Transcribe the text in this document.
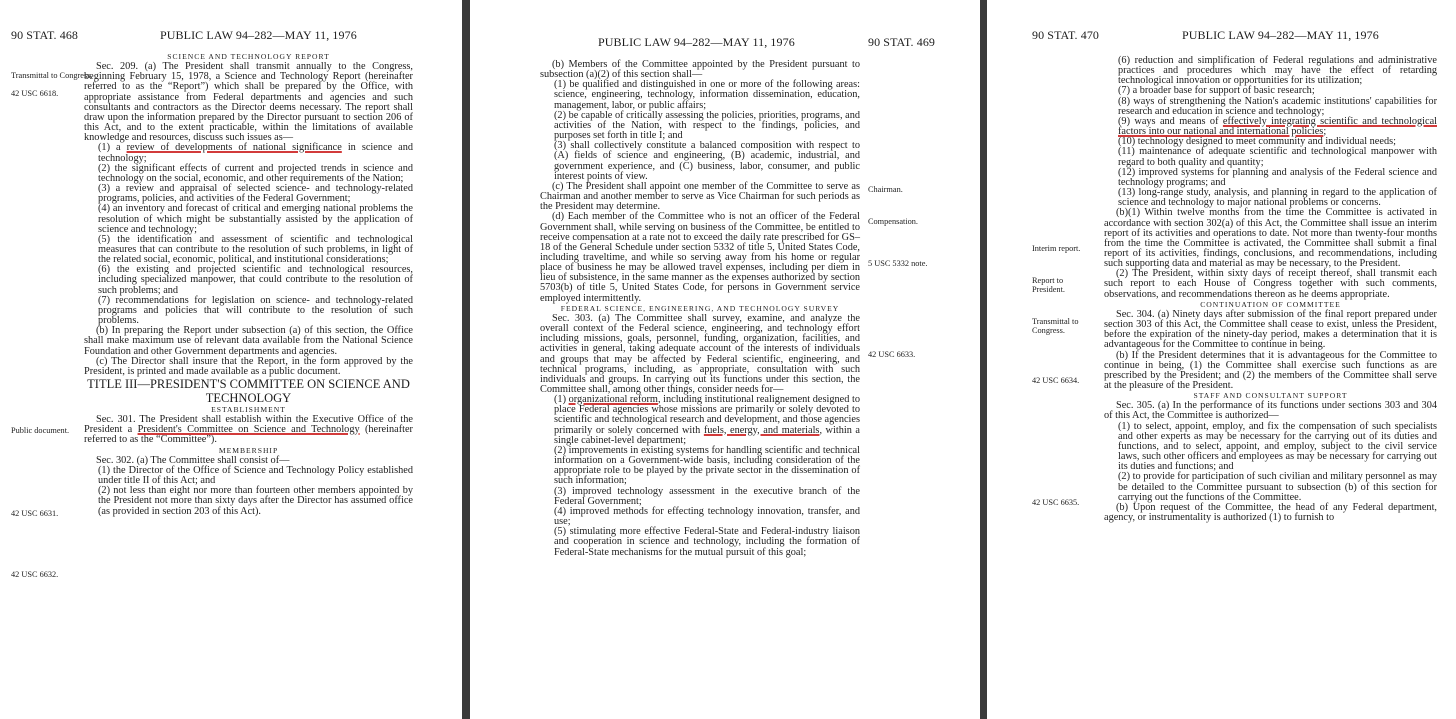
90 STAT. 468	PUBLIC LAW 94–282—MAY 11, 1976
Transmittal to Congress.
42 USC 6618.
Public document.
42 USC 6631.
42 USC 6632.

SCIENCE AND TECHNOLOGY REPORT

Sec. 209. (a) The President shall transmit annually to the Congress, beginning February 15, 1978, a Science and Technology Report (hereinafter referred to as the “Report”) which shall be prepared by the Office, with appropriate assistance from Federal departments and agencies and such consultants and contractors as the Director deems necessary. The report shall draw upon the information prepared by the Director pursuant to section 206 of this Act, and to the extent practicable, within the limitations of available knowledge and resources, discuss such issues as—

(1) a review of developments of national significance in science and technology;

(2) the significant effects of current and projected trends in science and technology on the social, economic, and other requirements of the Nation;

(3) a review and appraisal of selected science- and technology-related programs, policies, and activities of the Federal Government;

(4) an inventory and forecast of critical and emerging national problems the resolution of which might be substantially assisted by the application of science and technology;

(5) the identification and assessment of scientific and technological measures that can contribute to the resolution of such problems, in light of the related social, economic, political, and institutional considerations;

(6) the existing and projected scientific and technological resources, including specialized manpower, that could contribute to the resolution of such problems; and

(7) recommendations for legislation on science- and technology-related programs and policies that will contribute to the resolution of such problems.

(b) In preparing the Report under subsection (a) of this section, the Office shall make maximum use of relevant data available from the National Science Foundation and other Government departments and agencies.

(c) The Director shall insure that the Report, in the form approved by the President, is printed and made available as a public document.

TITLE III—PRESIDENT'S COMMITTEE ON SCIENCE AND TECHNOLOGY

ESTABLISHMENT

Sec. 301. The President shall establish within the Executive Office of the President a President's Committee on Science and Technology (hereinafter referred to as the “Committee”).

MEMBERSHIP

Sec. 302. (a) The Committee shall consist of—

(1) the Director of the Office of Science and Technology Policy established under title II of this Act; and

(2) not less than eight nor more than fourteen other members appointed by the President not more than sixty days after the Director has assumed office (as provided in section 203 of this Act).

PUBLIC LAW 94–282—MAY 11, 1976	90 STAT. 469
Chairman.
Compensation.
5 USC 5332 note.
42 USC 6633.

(b) Members of the Committee appointed by the President pursuant to subsection (a)(2) of this section shall—

(1) be qualified and distinguished in one or more of the following areas: science, engineering, technology, information dissemination, education, management, labor, or public affairs;

(2) be capable of critically assessing the policies, priorities, programs, and activities of the Nation, with respect to the findings, policies, and purposes set forth in title I; and

(3) shall collectively constitute a balanced composition with respect to (A) fields of science and engineering, (B) academic, industrial, and government experience, and (C) business, labor, consumer, and public interest points of view.

(c) The President shall appoint one member of the Committee to serve as Chairman and another member to serve as Vice Chairman for such periods as the President may determine.

(d) Each member of the Committee who is not an officer of the Federal Government shall, while serving on business of the Committee, be entitled to receive compensation at a rate not to exceed the daily rate prescribed for GS–18 of the General Schedule under section 5332 of title 5, United States Code, including traveltime, and while so serving away from his home or regular place of business he may be allowed travel expenses, including per diem in lieu of subsistence, in the same manner as the expenses authorized by section 5703(b) of title 5, United States Code, for persons in Government service employed intermittently.

FEDERAL SCIENCE, ENGINEERING, AND TECHNOLOGY SURVEY

Sec. 303. (a) The Committee shall survey, examine, and analyze the overall context of the Federal science, engineering, and technology effort including missions, goals, personnel, funding, organization, facilities, and activities in general, taking adequate account of the interests of individuals and groups that may be affected by Federal scientific, engineering, and technical programs, including, as appropriate, consultation with such individuals and groups. In carrying out its functions under this section, the Committee shall, among other things, consider needs for—

(1) organizational reform, including institutional realignement designed to place Federal agencies whose missions are primarily or solely devoted to scientific and technological research and development, and those agencies primarily or solely concerned with fuels, energy, and materials, within a single cabinet-level department;

(2) improvements in existing systems for handling scientific and technical information on a Government-wide basis, including consideration of the appropriate role to be played by the private sector in the dissemination of such information;

(3) improved technology assessment in the executive branch of the Federal Government;

(4) improved methods for effecting technology innovation, transfer, and use;

(5) stimulating more effective Federal-State and Federal-industry liaison and cooperation in science and technology, including the formation of Federal-State mechanisms for the mutual pursuit of this goal;

90 STAT. 470	PUBLIC LAW 94–282—MAY 11, 1976
Interim report.
Report to President.
Transmittal to Congress.
42 USC 6634.
42 USC 6635.

(6) reduction and simplification of Federal regulations and administrative practices and procedures which may have the effect of retarding technological innovation or opportunities for its utilization;

(7) a broader base for support of basic research;

(8) ways of strengthening the Nation's academic institutions' capabilities for research and education in science and technology;

(9) ways and means of effectively integrating scientific and technological factors into our national and international policies;

(10) technology designed to meet community and individual needs;

(11) maintenance of adequate scientific and technological manpower with regard to both quality and quantity;

(12) improved systems for planning and analysis of the Federal science and technology programs; and

(13) long-range study, analysis, and planning in regard to the application of science and technology to major national problems or concerns.

(b)(1) Within twelve months from the time the Committee is activated in accordance with section 302(a) of this Act, the Committee shall issue an interim report of its activities and operations to date. Not more than twenty-four months from the time the Committee is activated, the Committee shall submit a final report of its activities, findings, conclusions, and recommendations, including such supporting data and material as may be necessary, to the President.

(2) The President, within sixty days of receipt thereof, shall transmit each such report to each House of Congress together with such comments, observations, and recommendations thereon as he deems appropriate.

CONTINUATION OF COMMITTEE

Sec. 304. (a) Ninety days after submission of the final report prepared under section 303 of this Act, the Committee shall cease to exist, unless the President, before the expiration of the ninety-day period, makes a determination that it is advantageous for the Committee to continue in being.

(b) If the President determines that it is advantageous for the Committee to continue in being, (1) the Committee shall exercise such functions as are prescribed by the President; and (2) the members of the Committee shall serve at the pleasure of the President.

STAFF AND CONSULTANT SUPPORT

Sec. 305. (a) In the performance of its functions under sections 303 and 304 of this Act, the Committee is authorized—

(1) to select, appoint, employ, and fix the compensation of such specialists and other experts as may be necessary for the carrying out of its duties and functions, and to select, appoint, and employ, subject to the civil service laws, such other officers and employees as may be necessary for carrying out its duties and functions; and

(2) to provide for participation of such civilian and military personnel as may be detailed to the Committee pursuant to subsection (b) of this section for carrying out the functions of the Committee.

(b) Upon request of the Committee, the head of any Federal department, agency, or instrumentality is authorized (1) to furnish to
